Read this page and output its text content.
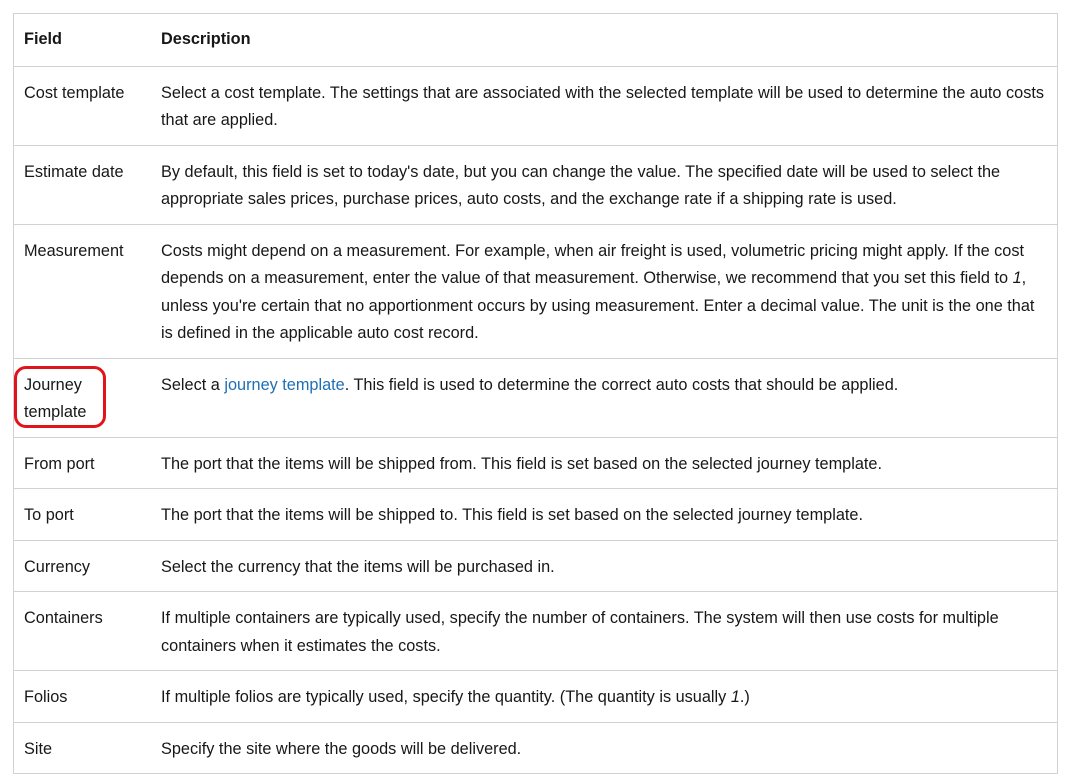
Field	Description
Cost template	Select a cost template. The settings that are associated with the selected template will be used to determine the auto costs that are applied.
Estimate date	By default, this field is set to today's date, but you can change the value. The specified date will be used to select the appropriate sales prices, purchase prices, auto costs, and the exchange rate if a shipping rate is used.
Measurement	Costs might depend on a measurement. For example, when air freight is used, volumetric pricing might apply. If the cost depends on a measurement, enter the value of that measurement. Otherwise, we recommend that you set this field to 1, unless you're certain that no apportionment occurs by using measurement. Enter a decimal value. The unit is the one that is defined in the applicable auto cost record.
Journey template	Select a journey template. This field is used to determine the correct auto costs that should be applied.
From port	The port that the items will be shipped from. This field is set based on the selected journey template.
To port	The port that the items will be shipped to. This field is set based on the selected journey template.
Currency	Select the currency that the items will be purchased in.
Containers	If multiple containers are typically used, specify the number of containers. The system will then use costs for multiple containers when it estimates the costs.
Folios	If multiple folios are typically used, specify the quantity. (The quantity is usually 1.)
Site	Specify the site where the goods will be delivered.
